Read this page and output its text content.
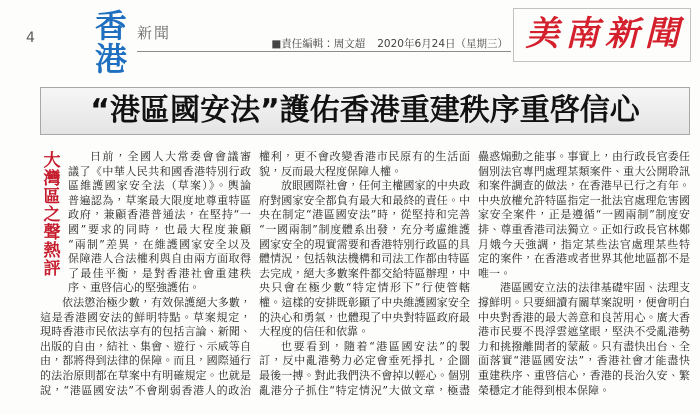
4 香港
新聞
■責任編輯：周文超 2020年6月24日（星期三） 美南新聞
“港區國安法”護佑香港重建秩序重啓信心
大灣區之聲熱評
日前，全國人大常委會會議審
議了《中華人民共和國香港特別行政
區維護國家安全法（草案）》。輿論
普遍認為，草案最大限度地尊重特區
政府，兼顧香港普通法，在堅持“一
國”要求的同時，也最大程度兼顧
“兩制”差異，在維護國家安全以及
保障港人合法權利與自由兩方面取得
了最佳平衡，是對香港社會重建秩
序、重啓信心的堅強護佑。
依法懲治極少數，有效保護絕大多數，
這是香港國安法的鮮明特點。草案規定，
現時香港市民依法享有的包括言論、新聞、
出版的自由，結社、集會、遊行、示威等自
由，都將得到法律的保障。而且，國際通行
的法治原則都在草案中有明確規定。也就是
說，“港區國安法”不會削弱香港人的政治
權利，更不會改變香港市民原有的生活面
貌，反而最大程度保障人權。
放眼國際社會，任何主權國家的中央政
府對國家安全都負有最大和最終的責任。中
央在制定“港區國安法”時，從堅持和完善
“一國兩制”制度體系出發，充分考慮維護
國家安全的現實需要和香港特別行政區的具
體情況，包括執法機構和司法工作都由特區
去完成，絕大多數案件都交給特區辦理，中
央只會在極少數“特定情形下”行使管轄
權。這樣的安排既彰顯了中央維護國家安全
的決心和勇氣，也體現了中央對特區政府最
大程度的信任和依靠。
也要看到，隨着“港區國安法”的製
訂，反中亂港勢力必定會垂死掙扎，企圖
最後一搏。對此我們決不會掉以輕心。個別
亂港分子抓住“特定情況”大做文章，極盡
蠱惑煽動之能事。事實上，由行政長官委任
個別法官專門處理某類案件、重大公開聆訊
和案件調查的做法，在香港早已行之有年。
中央放權允許特區指定一批法官處理危害國
家安全案件，正是遵循“一國兩制”制度安
排、尊重香港司法獨立。正如行政長官林鄭
月娥今天強調，指定某些法官處理某些特
定的案件，在香港或者世界其他地區都不是
唯一。
港區國安立法的法律基礎牢固、法理支
撐鮮明。只要細讀有關草案說明，便會明白
中央對香港的最大善意和良苦用心。廣大香
港市民要不畏浮雲遮望眼，堅決不受亂港勢
力和挑撥離間者的蒙蔽。只有盡快出台、全
面落實“港區國安法”，香港社會才能盡快
重建秩序、重啓信心，香港的長治久安、繁
榮穩定才能得到根本保障。
